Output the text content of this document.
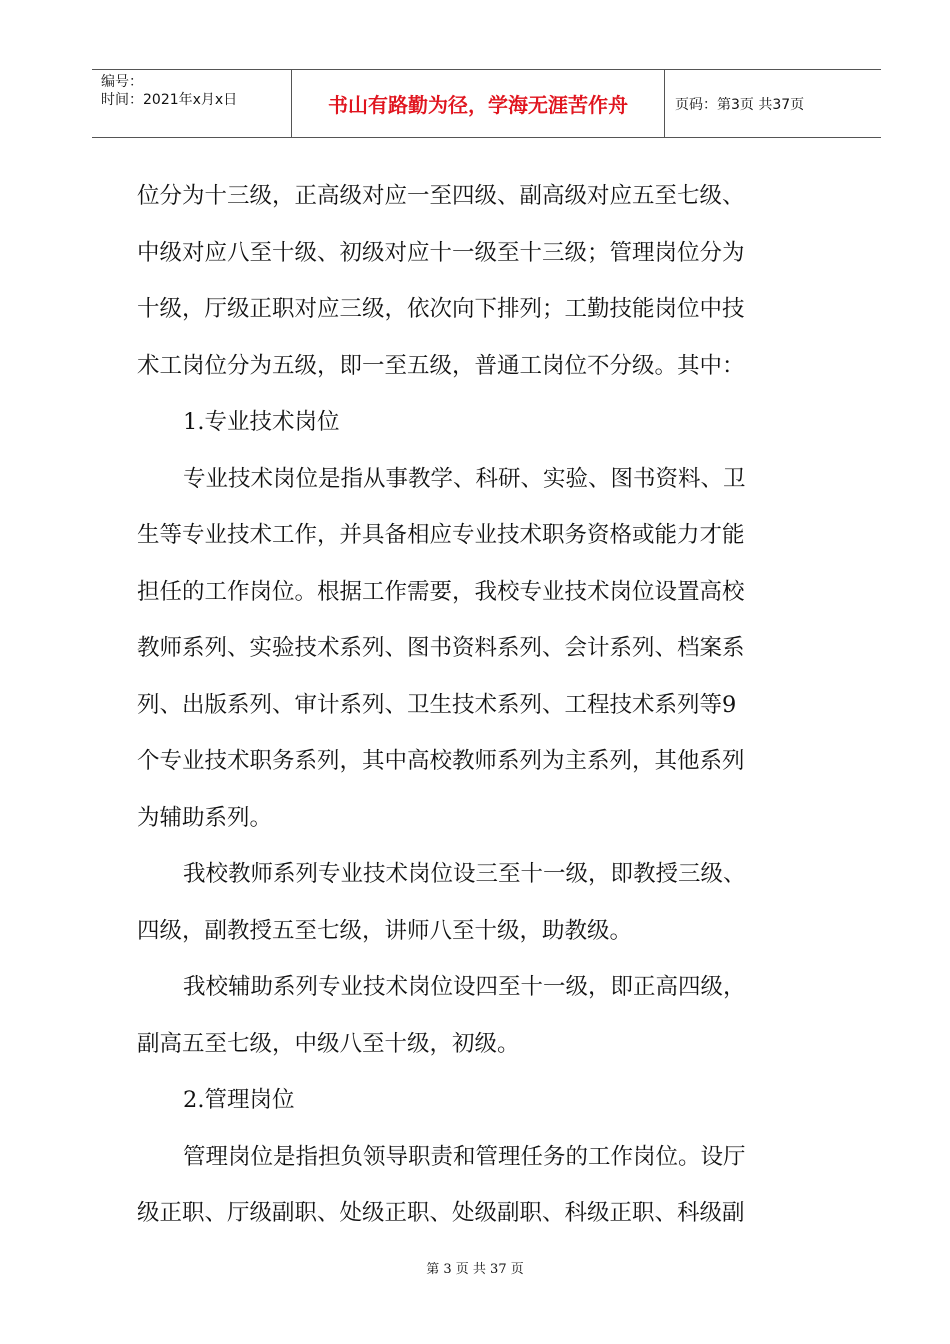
编号：
时间：2021年x月x日	书山有路勤为径，学海无涯苦作舟	页码：第3页 共37页

位分为十三级，正高级对应一至四级、副高级对应五至七级、

中级对应八至十级、初级对应十一级至十三级；管理岗位分为

十级，厅级正职对应三级，依次向下排列；工勤技能岗位中技

术工岗位分为五级，即一至五级，普通工岗位不分级。其中：

1.专业技术岗位

专业技术岗位是指从事教学、科研、实验、图书资料、卫

生等专业技术工作，并具备相应专业技术职务资格或能力才能

担任的工作岗位。根据工作需要，我校专业技术岗位设置高校

教师系列、实验技术系列、图书资料系列、会计系列、档案系

列、出版系列、审计系列、卫生技术系列、工程技术系列等9

个专业技术职务系列，其中高校教师系列为主系列，其他系列

为辅助系列。

我校教师系列专业技术岗位设三至十一级，即教授三级、

四级，副教授五至七级，讲师八至十级，助教级。

我校辅助系列专业技术岗位设四至十一级，即正高四级，

副高五至七级，中级八至十级，初级。

2.管理岗位

管理岗位是指担负领导职责和管理任务的工作岗位。设厅

级正职、厅级副职、处级正职、处级副职、科级正职、科级副

第 3 页 共 37 页
